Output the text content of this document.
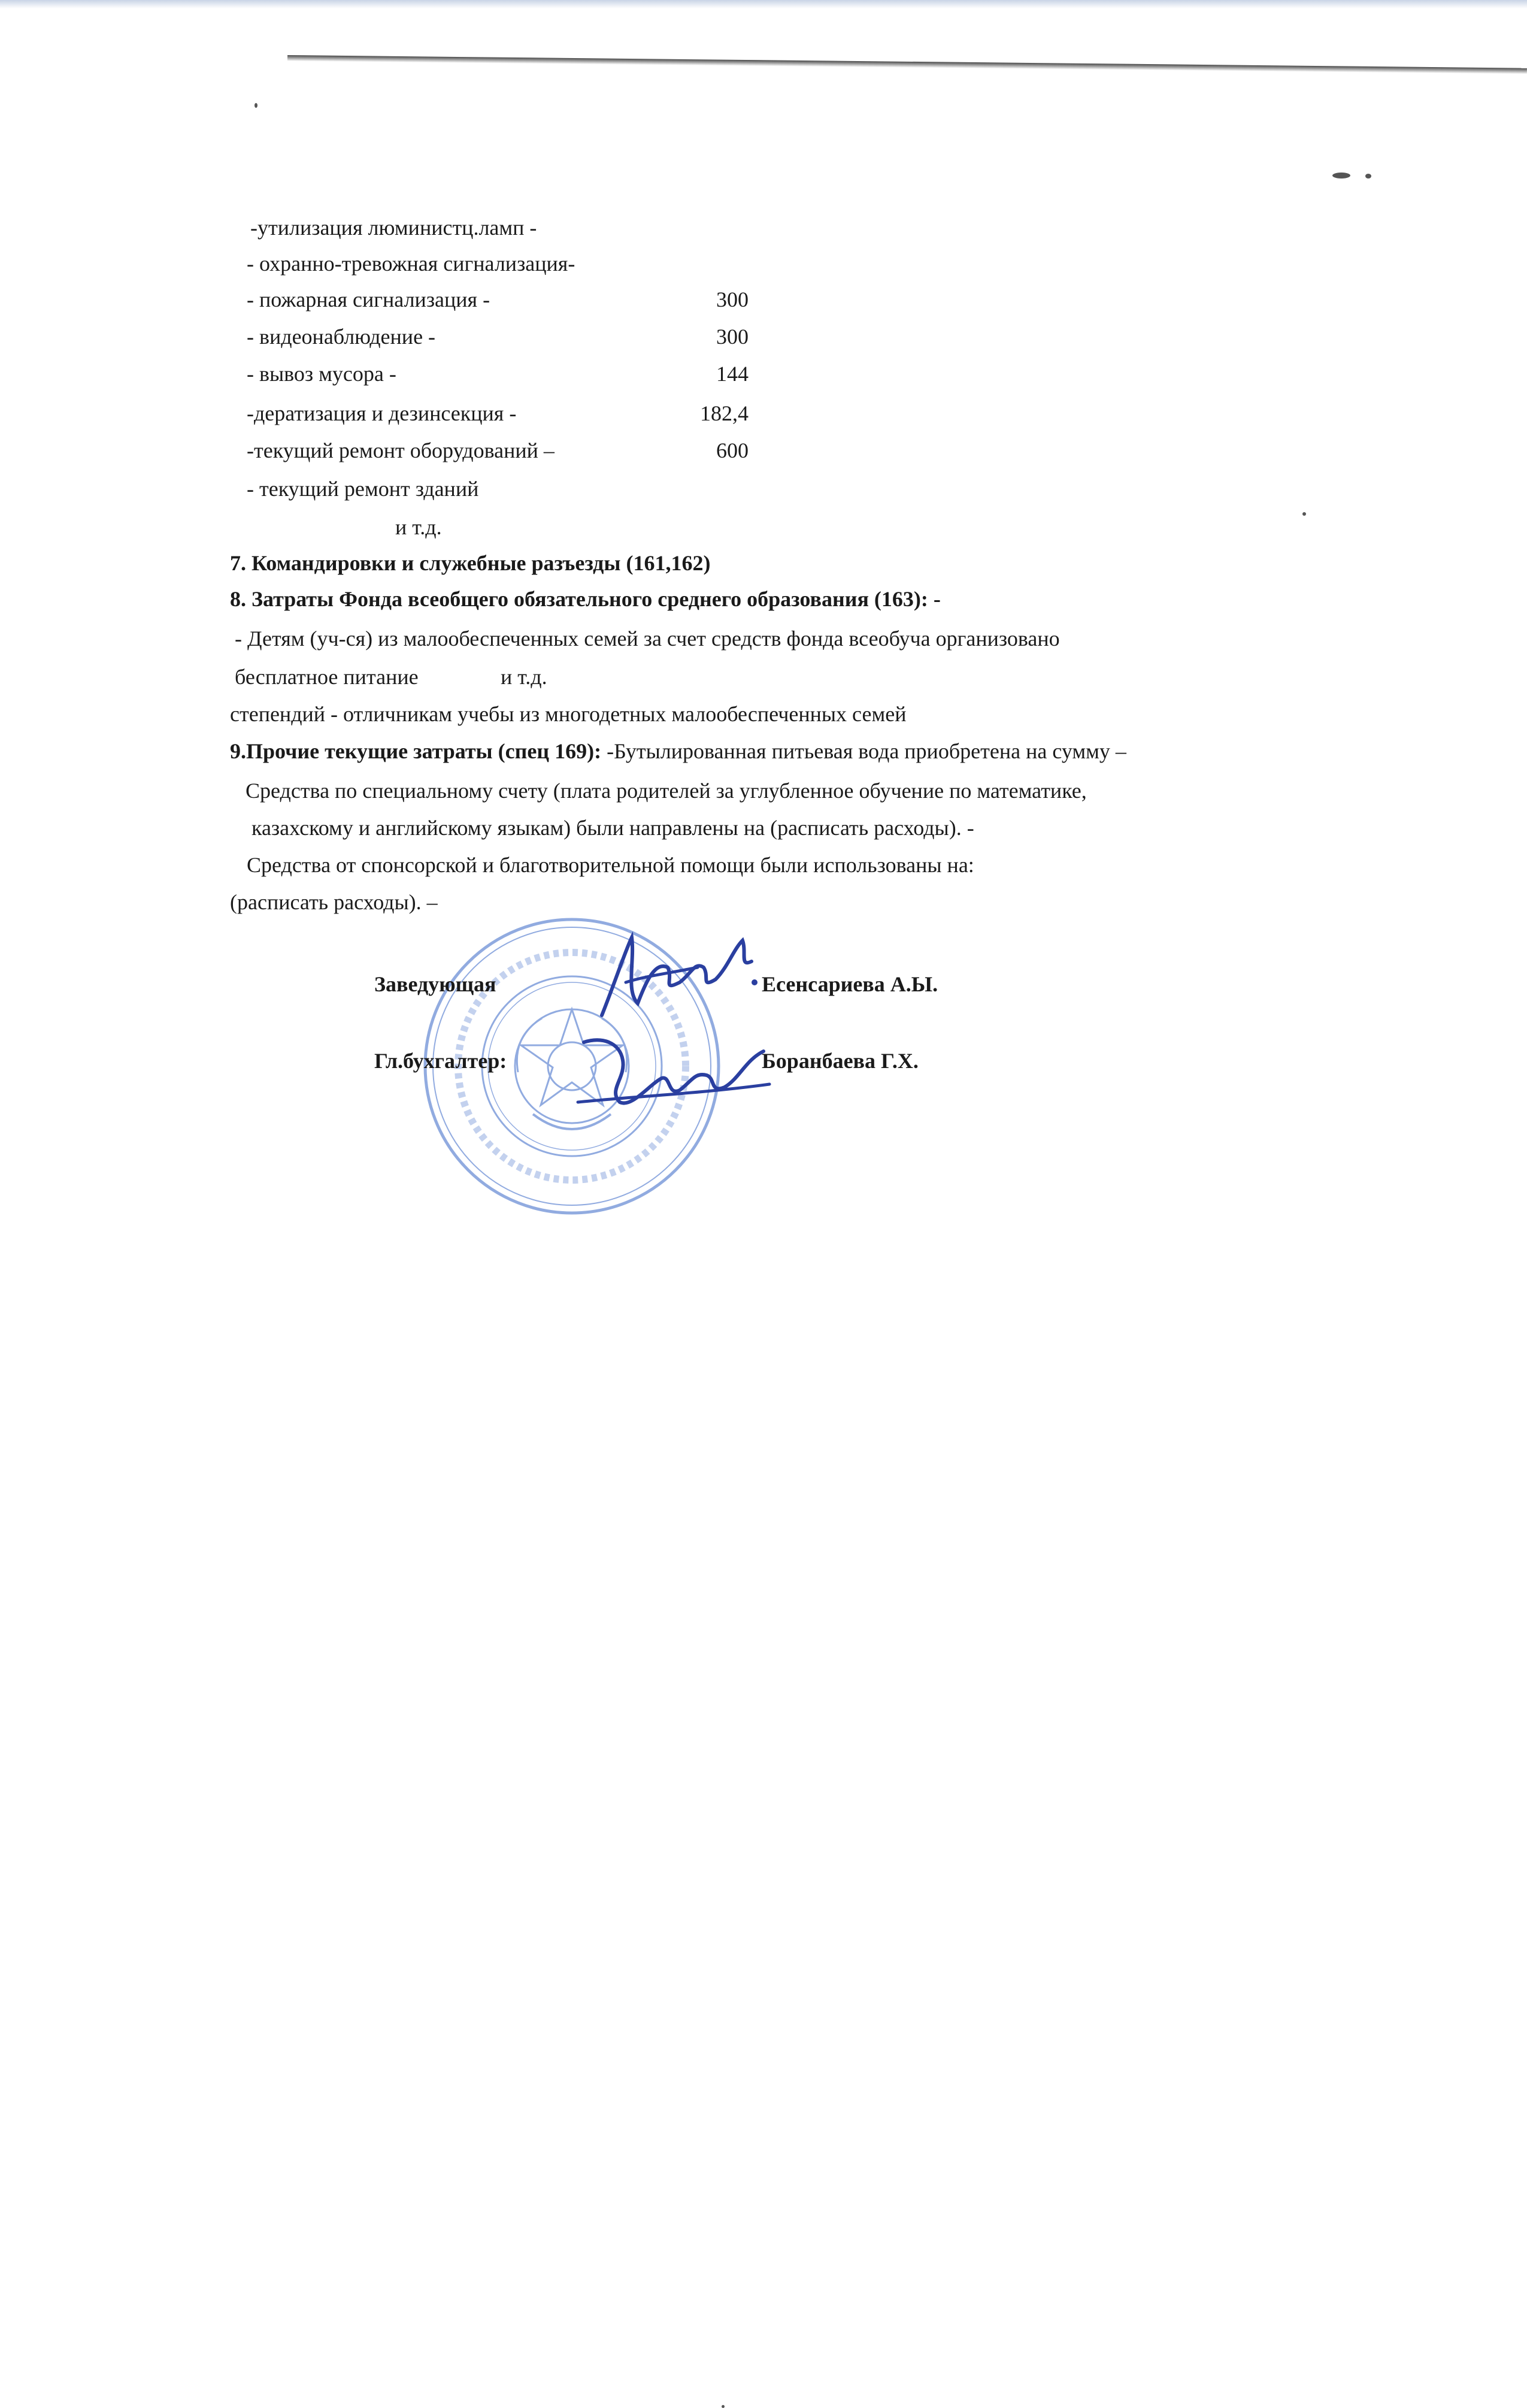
-утилизация люминистц.ламп -
- охранно-тревожная сигнализация-
- пожарная сигнализация -	300
- видеонаблюдение -	300
- вывоз мусора -	144
-дератизация и дезинсекция -	182,4
-текущий ремонт оборудований –	600
- текущий ремонт зданий
и т.д.
7. Командировки и служебные разъезды (161,162)
8. Затраты Фонда всеобщего обязательного среднего образования (163): -
- Детям (уч-ся) из малообеспеченных семей за счет средств фонда всеобуча организовано
бесплатное питание	и т.д.
степендий - отличникам учебы из многодетных малообеспеченных семей
9.Прочие текущие затраты (спец 169): -Бутылированная питьевая вода приобретена на сумму –
Средства по специальному счету (плата родителей за углубленное обучение по математике,
казахскому и английскому языкам) были направлены на (расписать расходы). -
Средства от спонсорской и благотворительной помощи были использованы на:
(расписать расходы). –
Заведующая	Есенсариева А.Ы.
Гл.бухгалтер:	Боранбаева Г.Х.
